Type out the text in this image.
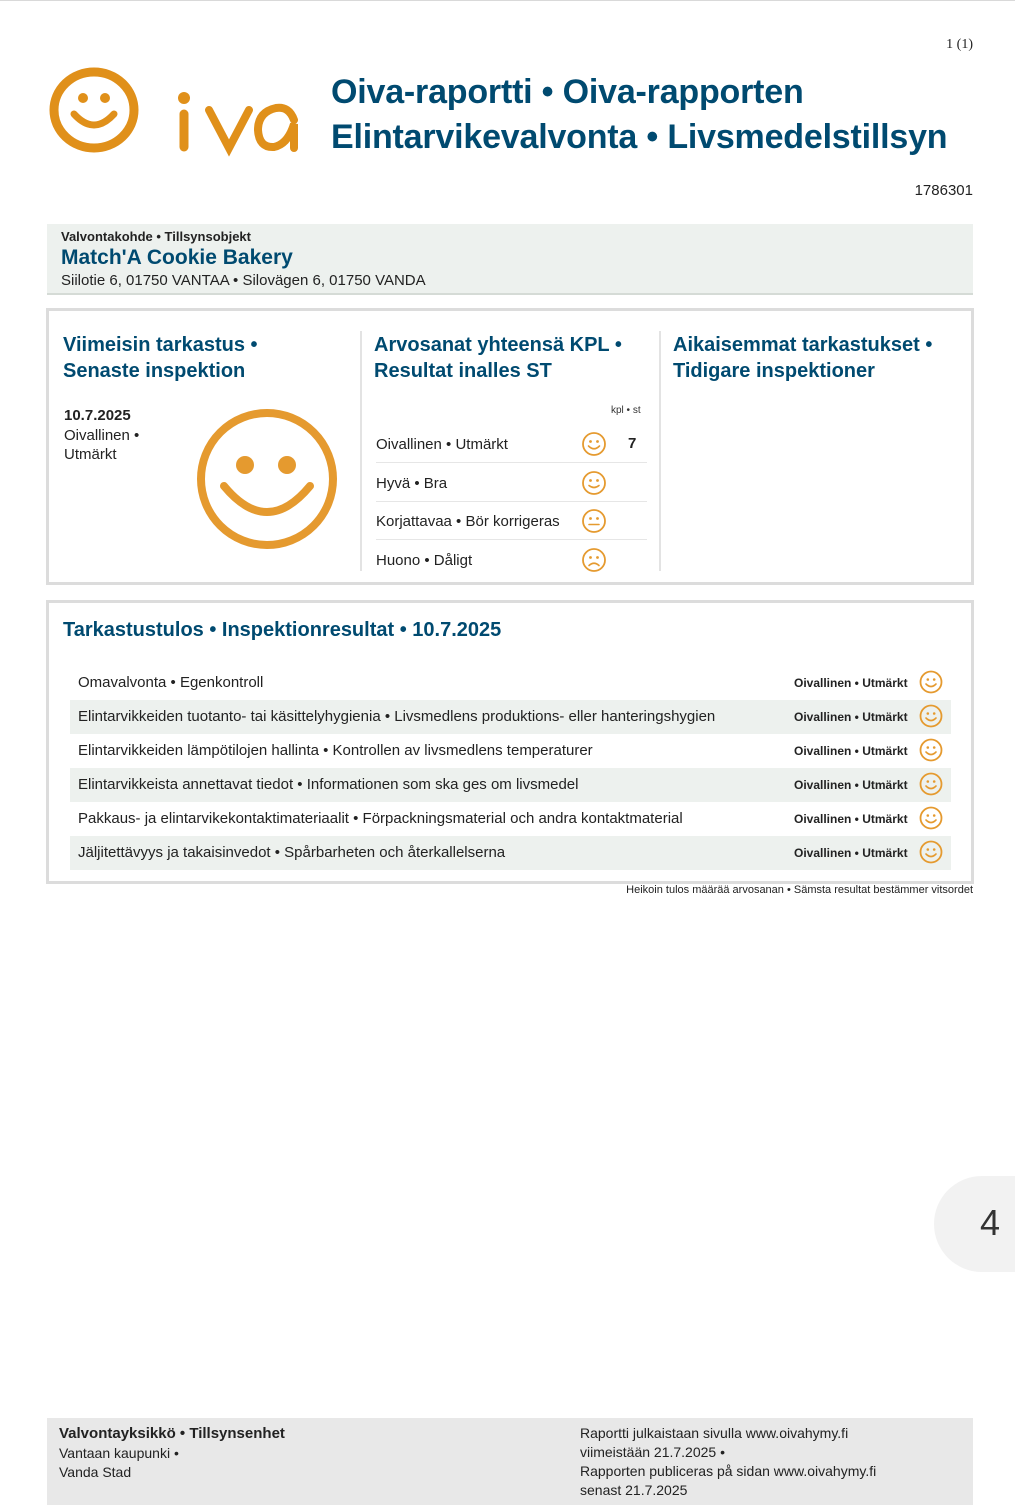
1 (1)
Oiva-raportti • Oiva-rapporten
Elintarvikevalvonta • Livsmedelstillsyn
1786301
Valvontakohde • Tillsynsobjekt
Match'A Cookie Bakery
Siilotie 6, 01750 VANTAA • Silovägen 6, 01750 VANDA
Viimeisin tarkastus •
Senaste inspektion
10.7.2025
Oivallinen •
Utmärkt
Arvosanat yhteensä KPL •
Resultat inalles ST
kpl • st
Oivallinen • Utmärkt	7
Hyvä • Bra
Korjattavaa • Bör korrigeras
Huono • Dåligt
Aikaisemmat tarkastukset •
Tidigare inspektioner
Tarkastustulos • Inspektionresultat • 10.7.2025
Omavalvonta • Egenkontroll	Oivallinen • Utmärkt
Elintarvikkeiden tuotanto- tai käsittelyhygienia • Livsmedlens produktions- eller hanteringshygien	Oivallinen • Utmärkt
Elintarvikkeiden lämpötilojen hallinta • Kontrollen av livsmedlens temperaturer	Oivallinen • Utmärkt
Elintarvikkeista annettavat tiedot • Informationen som ska ges om livsmedel	Oivallinen • Utmärkt
Pakkaus- ja elintarvikekontaktimateriaalit • Förpackningsmaterial och andra kontaktmaterial	Oivallinen • Utmärkt
Jäljitettävyys ja takaisinvedot • Spårbarheten och återkallelserna	Oivallinen • Utmärkt
Heikoin tulos määrää arvosanan • Sämsta resultat bestämmer vitsordet
4
Valvontayksikkö • Tillsynsenhet
Vantaan kaupunki •
Vanda Stad
Raportti julkaistaan sivulla www.oivahymy.fi
viimeistään 21.7.2025 •
Rapporten publiceras på sidan www.oivahymy.fi
senast 21.7.2025
